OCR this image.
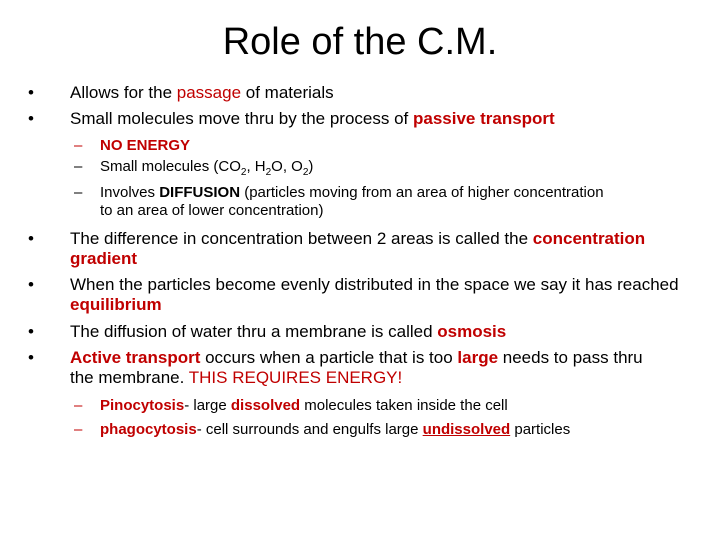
Role of the C.M.
•	Allows for the passage of materials
•	Small molecules move thru by the process of passive transport
–	NO ENERGY
–	Small molecules ($CO_2$, $H_2O$, $O_2$)
–	Involves DIFFUSION (particles moving from an area of higher concentration to an area of lower concentration)
•	The difference in concentration between 2 areas is called the concentration gradient
•	When the particles become evenly distributed in the space we say it has reached equilibrium
•	The diffusion of water thru a membrane is called osmosis
•	Active transport occurs when a particle that is too large needs to pass thru the membrane. THIS REQUIRES ENERGY!
–	Pinocytosis- large dissolved molecules taken inside the cell
–	phagocytosis- cell surrounds and engulfs large undissolved particles
